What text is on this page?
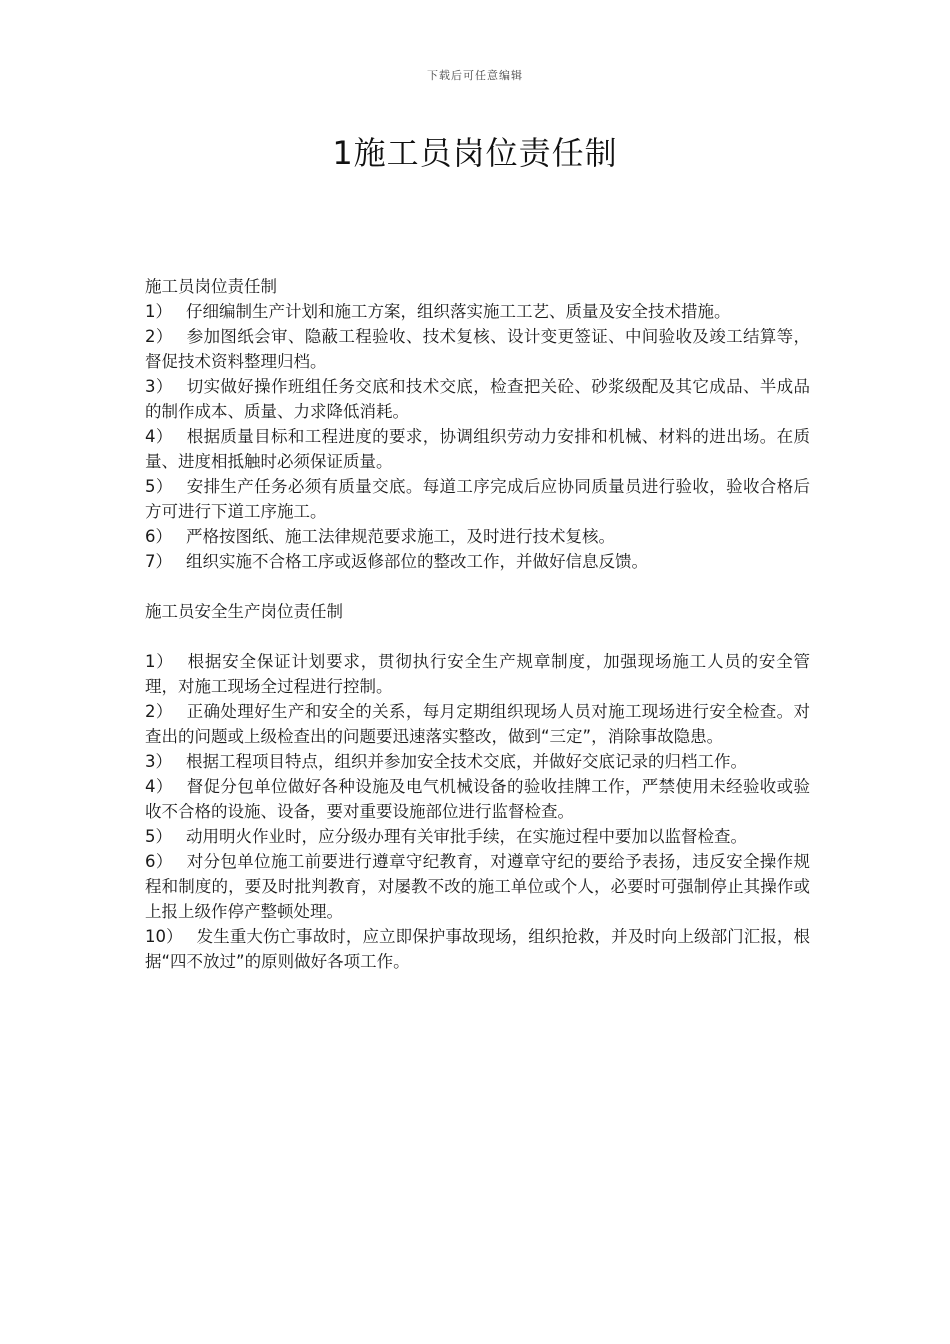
下载后可任意编辑
1施工员岗位责任制

施工员岗位责任制

1） 仔细编制生产计划和施工方案，组织落实施工工艺、质量及安全技术措施。

2） 参加图纸会审、隐蔽工程验收、技术复核、设计变更签证、中间验收及竣工结算等，督促技术资料整理归档。

3） 切实做好操作班组任务交底和技术交底，检查把关砼、砂浆级配及其它成品、半成品的制作成本、质量、力求降低消耗。

4） 根据质量目标和工程进度的要求，协调组织劳动力安排和机械、材料的进出场。在质量、进度相抵触时必须保证质量。

5） 安排生产任务必须有质量交底。每道工序完成后应协同质量员进行验收，验收合格后方可进行下道工序施工。

6） 严格按图纸、施工法律规范要求施工，及时进行技术复核。

7） 组织实施不合格工序或返修部位的整改工作，并做好信息反馈。

施工员安全生产岗位责任制

1） 根据安全保证计划要求，贯彻执行安全生产规章制度，加强现场施工人员的安全管理，对施工现场全过程进行控制。

2） 正确处理好生产和安全的关系，每月定期组织现场人员对施工现场进行安全检查。对查出的问题或上级检查出的问题要迅速落实整改，做到“三定”，消除事故隐患。

3） 根据工程项目特点，组织并参加安全技术交底，并做好交底记录的归档工作。

4） 督促分包单位做好各种设施及电气机械设备的验收挂牌工作，严禁使用未经验收或验收不合格的设施、设备，要对重要设施部位进行监督检查。

5） 动用明火作业时，应分级办理有关审批手续，在实施过程中要加以监督检查。

6） 对分包单位施工前要进行遵章守纪教育，对遵章守纪的要给予表扬，违反安全操作规程和制度的，要及时批判教育，对屡教不改的施工单位或个人，必要时可强制停止其操作或上报上级作停产整顿处理。

10） 发生重大伤亡事故时，应立即保护事故现场，组织抢救，并及时向上级部门汇报，根据“四不放过”的原则做好各项工作。
